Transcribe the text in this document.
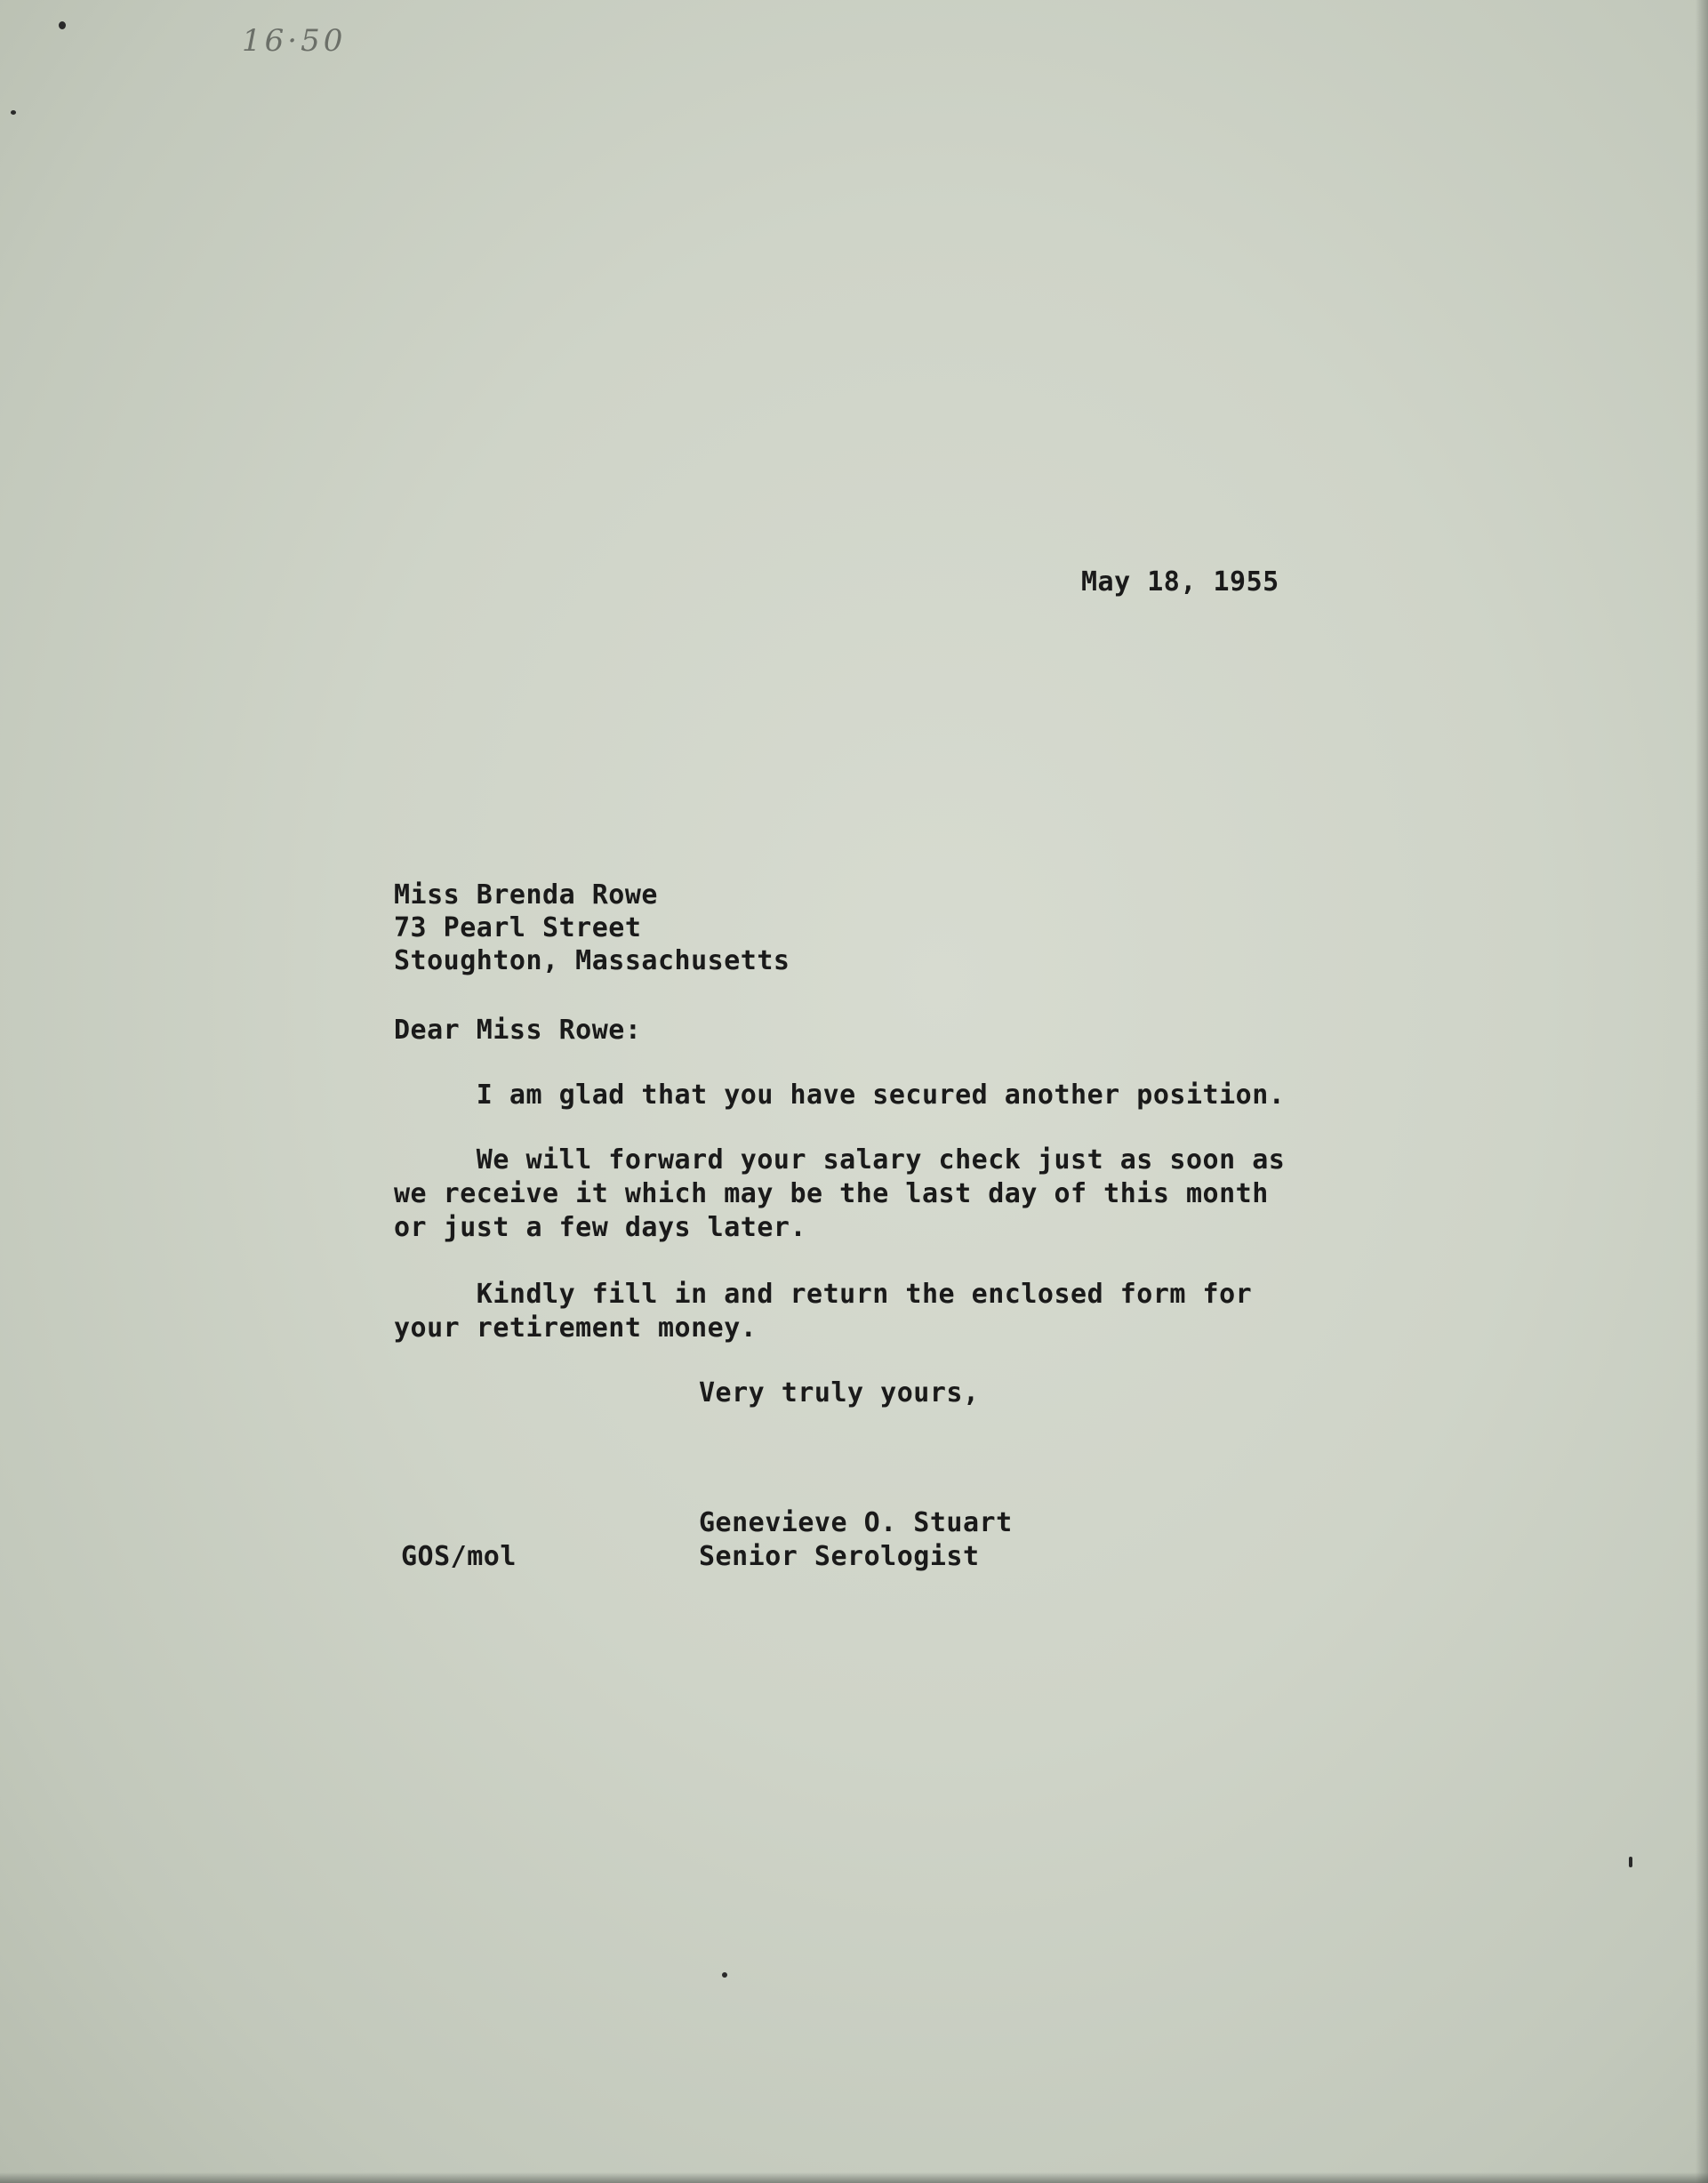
16·50
May 18, 1955
Miss Brenda Rowe
73 Pearl Street
Stoughton, Massachusetts
Dear Miss Rowe:
I am glad that you have secured another position.
We will forward your salary check just as soon as
we receive it which may be the last day of this month
or just a few days later.
Kindly fill in and return the enclosed form for
your retirement money.
Very truly yours,
Genevieve O. Stuart
Senior Serologist
GOS/mol
